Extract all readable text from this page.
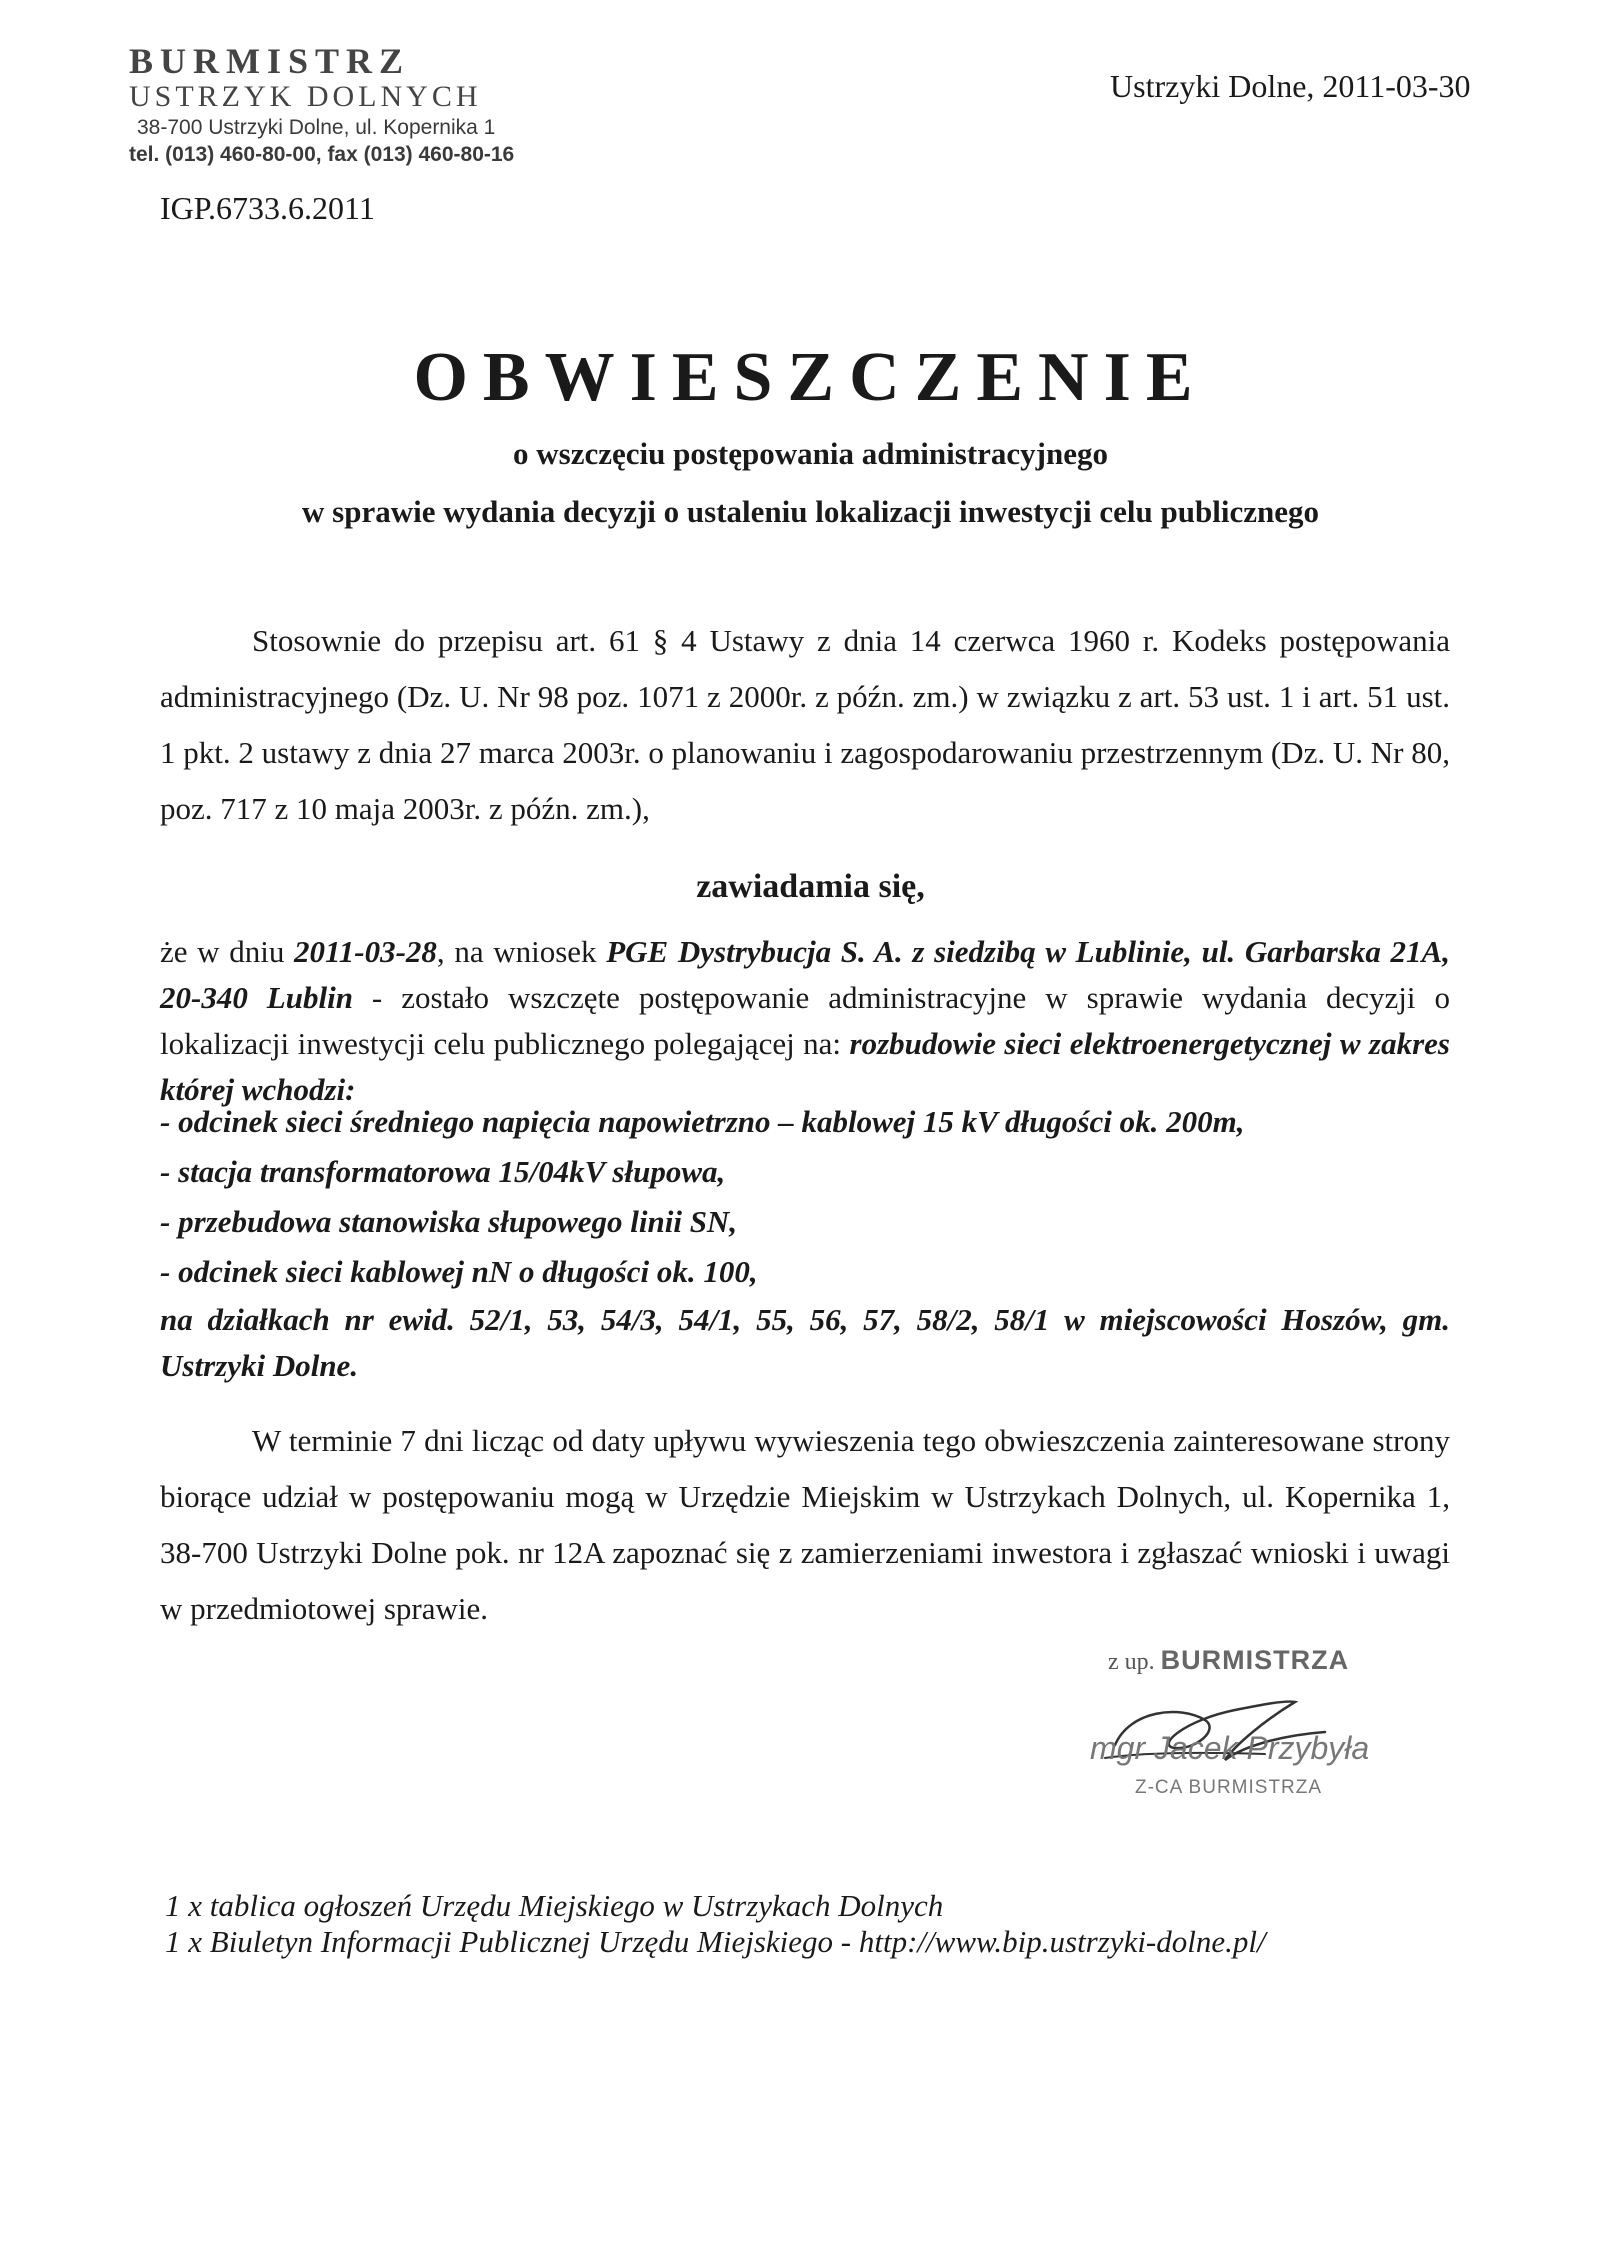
BURMISTRZ
USTRZYK DOLNYCH
38-700 Ustrzyki Dolne, ul. Kopernika 1
tel. (013) 460-80-00, fax (013) 460-80-16
Ustrzyki Dolne, 2011-03-30
IGP.6733.6.2011
OBWIESZCZENIE
o wszczęciu postępowania administracyjnego
w sprawie wydania decyzji o ustaleniu lokalizacji inwestycji celu publicznego
Stosownie do przepisu art. 61 § 4 Ustawy z dnia 14 czerwca 1960 r. Kodeks postępowania administracyjnego (Dz. U. Nr 98 poz. 1071 z 2000r. z późn. zm.) w związku z art. 53 ust. 1 i art. 51 ust. 1 pkt. 2 ustawy z dnia 27 marca 2003r. o planowaniu i zagospodarowaniu przestrzennym (Dz. U. Nr 80, poz. 717 z 10 maja 2003r. z późn. zm.),
zawiadamia się,
że w dniu 2011-03-28, na wniosek PGE Dystrybucja S. A. z siedzibą w Lublinie, ul. Garbarska 21A, 20-340 Lublin - zostało wszczęte postępowanie administracyjne w sprawie wydania decyzji o lokalizacji inwestycji celu publicznego polegającej na: rozbudowie sieci elektroenergetycznej w zakres której wchodzi:
- odcinek sieci średniego napięcia napowietrzno – kablowej 15 kV długości ok. 200m,
- stacja transformatorowa 15/04kV słupowa,
- przebudowa stanowiska słupowego linii SN,
- odcinek sieci kablowej nN o długości ok. 100,
na działkach nr ewid. 52/1, 53, 54/3, 54/1, 55, 56, 57, 58/2, 58/1 w miejscowości Hoszów, gm. Ustrzyki Dolne.
W terminie 7 dni licząc od daty upływu wywieszenia tego obwieszczenia zainteresowane strony biorące udział w postępowaniu mogą w Urzędzie Miejskim w Ustrzykach Dolnych, ul. Kopernika 1, 38-700 Ustrzyki Dolne pok. nr 12A zapoznać się z zamierzeniami inwestora i zgłaszać wnioski i uwagi w przedmiotowej sprawie.
z up. BURMISTRZA
mgr Jacek Przybyła
Z-CA BURMISTRZA
1 x tablica ogłoszeń Urzędu Miejskiego w Ustrzykach Dolnych
1 x Biuletyn Informacji Publicznej Urzędu Miejskiego - http://www.bip.ustrzyki-dolne.pl/
